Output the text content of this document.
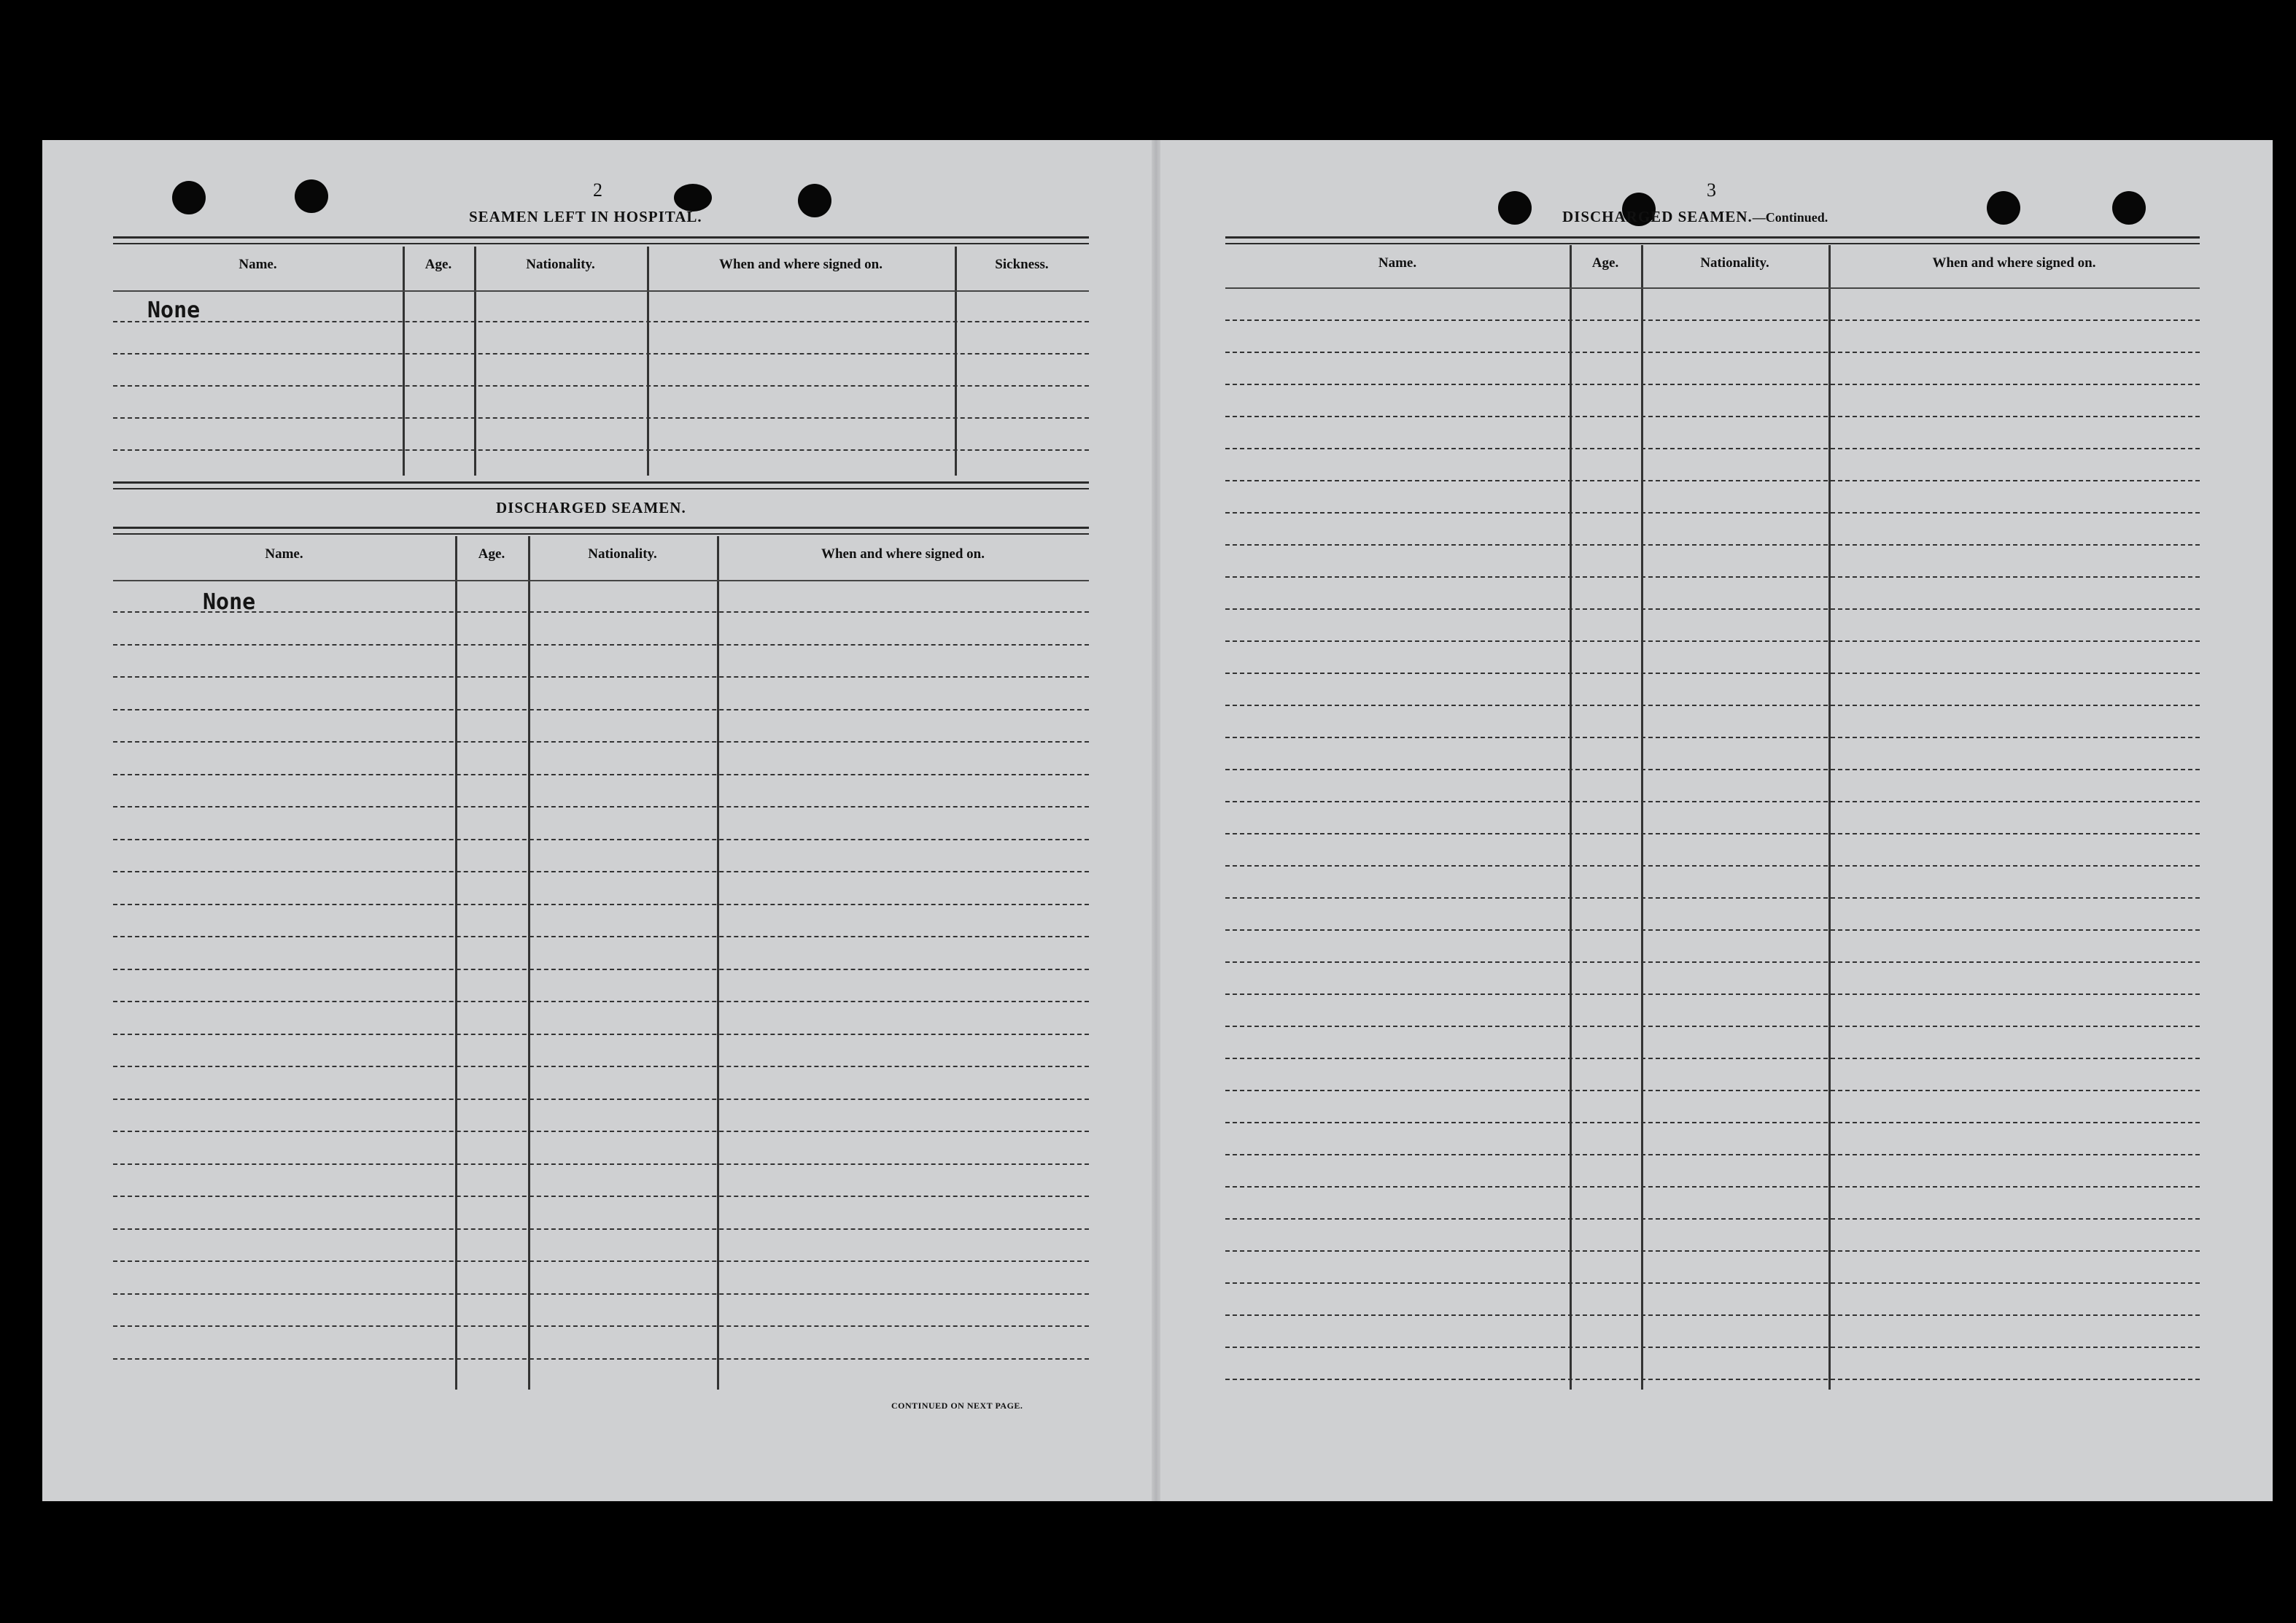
2
SEAMEN LEFT IN HOSPITAL.
Name.	Age.	Nationality.	When and where signed on.	Sickness.
None
DISCHARGED SEAMEN.
Name.	Age.	Nationality.	When and where signed on.
None
CONTINUED ON NEXT PAGE.
3
DISCHARGED SEAMEN.—Continued.
Name.	Age.	Nationality.	When and where signed on.
